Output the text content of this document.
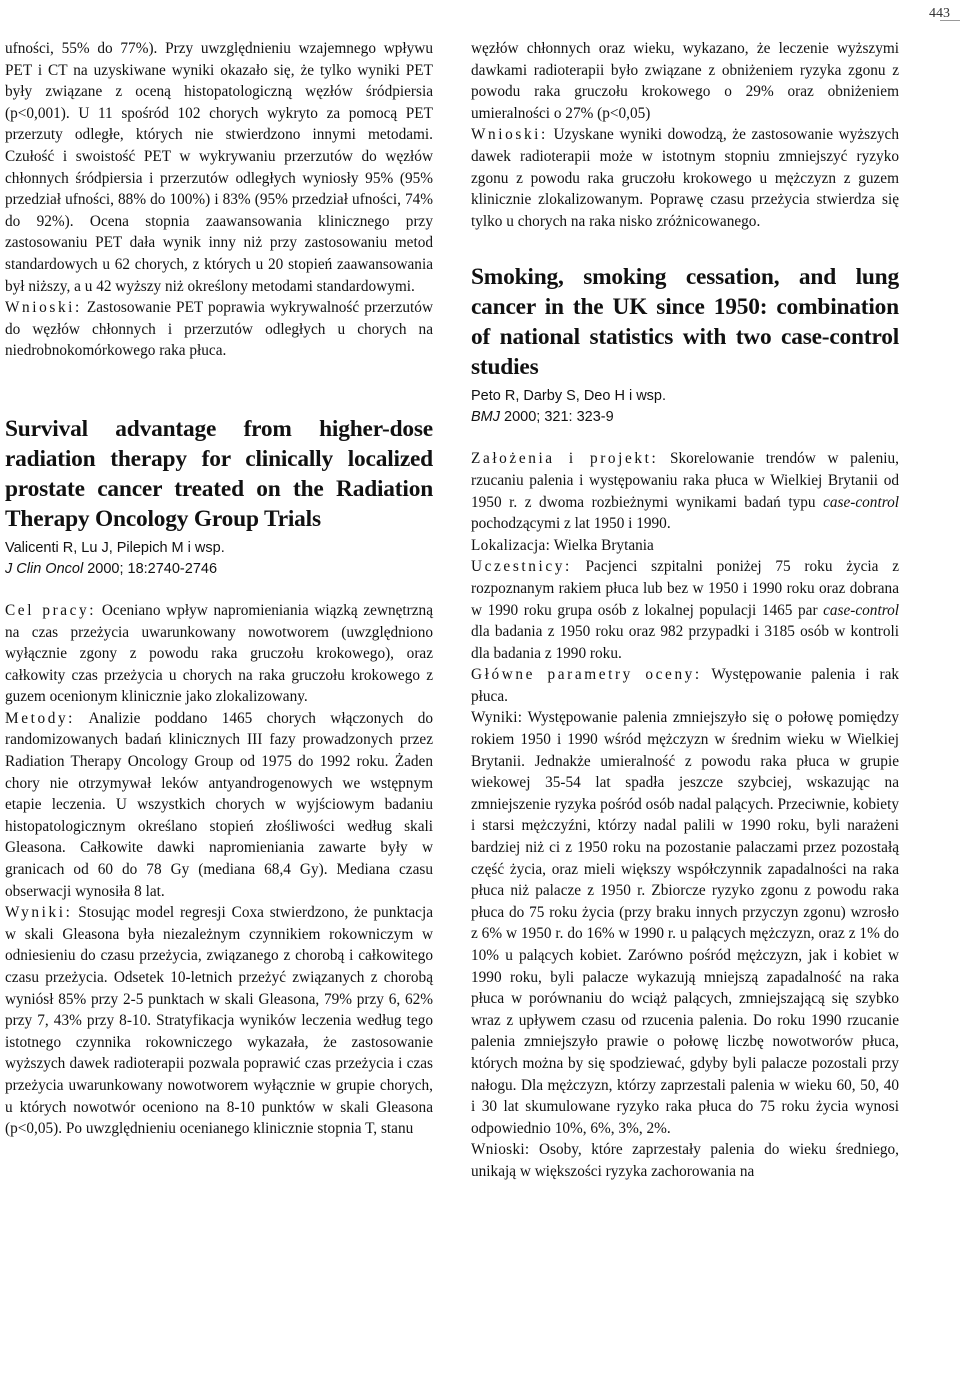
443

ufności, 55% do 77%). Przy uwzględnieniu wzajemnego wpływu PET i CT na uzyskiwane wyniki okazało się, że tylko wyniki PET były związane z oceną histopatologiczną węzłów śródpiersia (p<0,001). U 11 spośród 102 chorych wykryto za pomocą PET przerzuty odległe, których nie stwierdzono innymi metodami. Czułość i swoistość PET w wykrywaniu przerzutów do węzłów chłonnych śródpiersia i przerzutów odległych wyniosły 95% (95% przedział ufności, 88% do 100%) i 83% (95% przedział ufności, 74% do 92%). Ocena stopnia zaawansowania klinicznego przy zastosowaniu PET dała wynik inny niż przy zastosowaniu metod standardowych u 62 chorych, z których u 20 stopień zaawansowania był niższy, a u 42 wyższy niż określony metodami standardowymi.

Wnioski: Zastosowanie PET poprawia wykrywalność przerzutów do węzłów chłonnych i przerzutów odległych u chorych na niedrobnokomórkowego raka płuca.

Survival advantage from higher-dose radiation therapy for clinically localized prostate cancer treated on the Radiation Therapy Oncology Group Trials
Valicenti R, Lu J, Pilepich M i wsp.
J Clin Oncol 2000; 18:2740-2746

Cel pracy: Oceniano wpływ napromieniania wiązką zewnętrzną na czas przeżycia uwarunkowany nowotworem (uwzględniono wyłącznie zgony z powodu raka gruczołu krokowego), oraz całkowity czas przeżycia u chorych na raka gruczołu krokowego z guzem ocenionym klinicznie jako zlokalizowany.

Metody: Analizie poddano 1465 chorych włączonych do randomizowanych badań klinicznych III fazy prowadzonych przez Radiation Therapy Oncology Group od 1975 do 1992 roku. Żaden chory nie otrzymywał leków antyandrogenowych we wstępnym etapie leczenia. U wszystkich chorych w wyjściowym badaniu histopatologicznym określano stopień złośliwości według skali Gleasona. Całkowite dawki napromieniania zawarte były w granicach od 60 do 78 Gy (mediana 68,4 Gy). Mediana czasu obserwacji wynosiła 8 lat.

Wyniki: Stosując model regresji Coxa stwierdzono, że punktacja w skali Gleasona była niezależnym czynnikiem rokowniczym w odniesieniu do czasu przeżycia, związanego z chorobą i całkowitego czasu przeżycia. Odsetek 10-letnich przeżyć związanych z chorobą wyniósł 85% przy 2-5 punktach w skali Gleasona, 79% przy 6, 62% przy 7, 43% przy 8-10. Stratyfikacja wyników leczenia według tego istotnego czynnika rokowniczego wykazała, że zastosowanie wyższych dawek radioterapii pozwala poprawić czas przeżycia i czas przeżycia uwarunkowany nowotworem wyłącznie w grupie chorych, u których nowotwór oceniono na 8-10 punktów w skali Gleasona (p<0,05). Po uwzględnieniu ocenianego klinicznie stopnia T, stanu

węzłów chłonnych oraz wieku, wykazano, że leczenie wyższymi dawkami radioterapii było związane z obniżeniem ryzyka zgonu z powodu raka gruczołu krokowego o 29% oraz obniżeniem umieralności o 27% (p<0,05)

Wnioski: Uzyskane wyniki dowodzą, że zastosowanie wyższych dawek radioterapii może w istotnym stopniu zmniejszyć ryzyko zgonu z powodu raka gruczołu krokowego u mężczyzn z guzem klinicznie zlokalizowanym. Poprawę czasu przeżycia stwierdza się tylko u chorych na raka nisko zróżnicowanego.

Smoking, smoking cessation, and lung cancer in the UK since 1950: combination of national statistics with two case-control studies
Peto R, Darby S, Deo H i wsp.
BMJ 2000; 321: 323-9

Założenia i projekt: Skorelowanie trendów w paleniu, rzucaniu palenia i występowaniu raka płuca w Wielkiej Brytanii od 1950 r. z dwoma rozbieżnymi wynikami badań typu case-control pochodzącymi z lat 1950 i 1990.

Lokalizacja: Wielka Brytania

Uczestnicy: Pacjenci szpitalni poniżej 75 roku życia z rozpoznanym rakiem płuca lub bez w 1950 i 1990 roku oraz dobrana w 1990 roku grupa osób z lokalnej populacji 1465 par case-control dla badania z 1950 roku oraz 982 przypadki i 3185 osób w kontroli dla badania z 1990 roku.

Główne parametry oceny: Występowanie palenia i rak płuca.

Wyniki: Występowanie palenia zmniejszyło się o połowę pomiędzy rokiem 1950 i 1990 wśród mężczyzn w średnim wieku w Wielkiej Brytanii. Jednakże umieralność z powodu raka płuca w grupie wiekowej 35-54 lat spadła jeszcze szybciej, wskazując na zmniejszenie ryzyka pośród osób nadal palących. Przeciwnie, kobiety i starsi mężczyźni, którzy nadal palili w 1990 roku, byli narażeni bardziej niż ci z 1950 roku na pozostanie palaczami przez pozostałą część życia, oraz mieli większy współczynnik zapadalności na raka płuca niż palacze z 1950 r. Zbiorcze ryzyko zgonu z powodu raka płuca do 75 roku życia (przy braku innych przyczyn zgonu) wzrosło z 6% w 1950 r. do 16% w 1990 r. u palących mężczyzn, oraz z 1% do 10% u palących kobiet. Zarówno pośród mężczyzn, jak i kobiet w 1990 roku, byli palacze wykazują mniejszą zapadalność na raka płuca w porównaniu do wciąż palących, zmniejszającą się szybko wraz z upływem czasu od rzucenia palenia. Do roku 1990 rzucanie palenia zmniejszyło prawie o połowę liczbę nowotworów płuca, których można by się spodziewać, gdyby byli palacze pozostali przy nałogu. Dla mężczyzn, którzy zaprzestali palenia w wieku 60, 50, 40 i 30 lat skumulowane ryzyko raka płuca do 75 roku życia wynosi odpowiednio 10%, 6%, 3%, 2%.

Wnioski: Osoby, które zaprzestały palenia do wieku średniego, unikają w większości ryzyka zachorowania na
